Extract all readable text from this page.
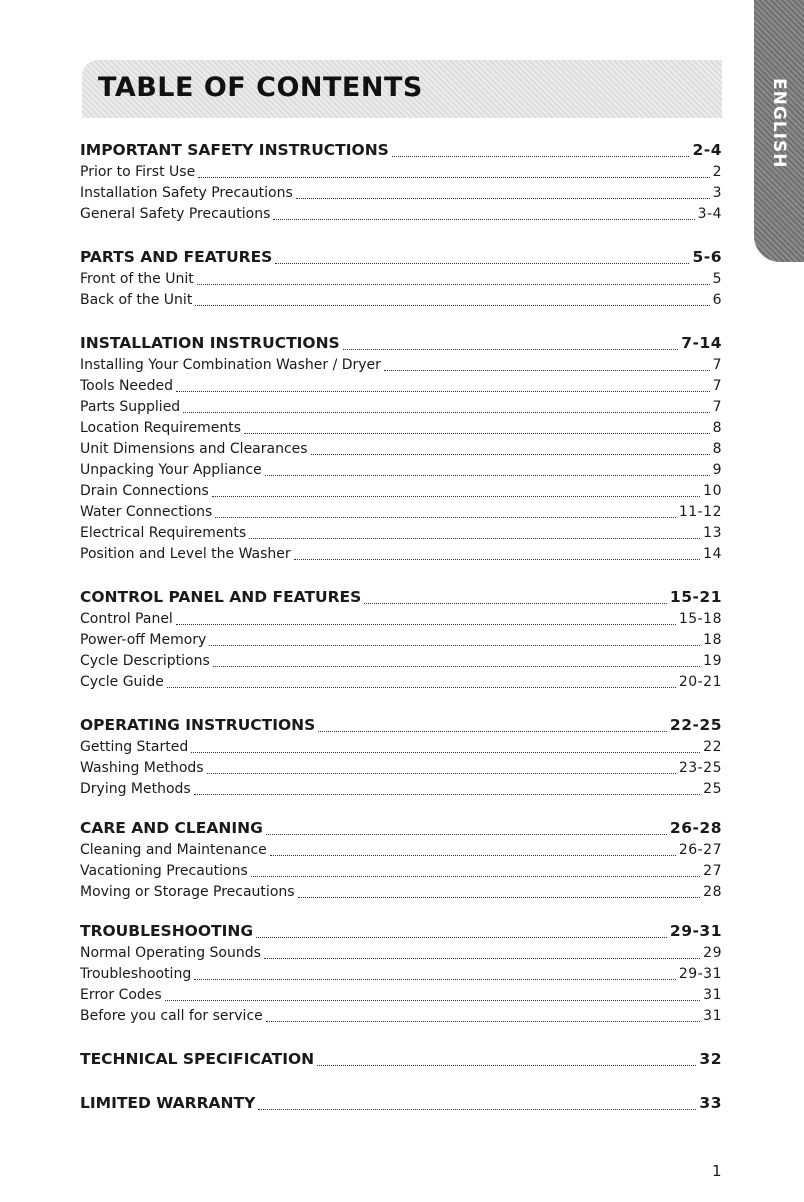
TABLE OF CONTENTS	ENGLISH
IMPORTANT SAFETY INSTRUCTIONS	2-4
Prior to First Use	2
Installation Safety Precautions	3
General Safety Precautions	3-4
PARTS AND FEATURES	5-6
Front of the Unit	5
Back of the Unit	6
INSTALLATION INSTRUCTIONS	7-14
Installing Your Combination Washer / Dryer	7
Tools Needed	7
Parts Supplied	7
Location Requirements	8
Unit Dimensions and Clearances	8
Unpacking Your Appliance	9
Drain Connections	10
Water Connections	11-12
Electrical Requirements	13
Position and Level the Washer	14
CONTROL PANEL AND FEATURES	15-21
Control Panel	15-18
Power-off Memory	18
Cycle Descriptions	19
Cycle Guide	20-21
OPERATING INSTRUCTIONS	22-25
Getting Started	22
Washing Methods	23-25
Drying Methods	25
CARE AND CLEANING	26-28
Cleaning and Maintenance	26-27
Vacationing Precautions	27
Moving or Storage Precautions	28
TROUBLESHOOTING	29-31
Normal Operating Sounds	29
Troubleshooting	29-31
Error Codes	31
Before you call for service	31
TECHNICAL SPECIFICATION	32
LIMITED WARRANTY	33

1
